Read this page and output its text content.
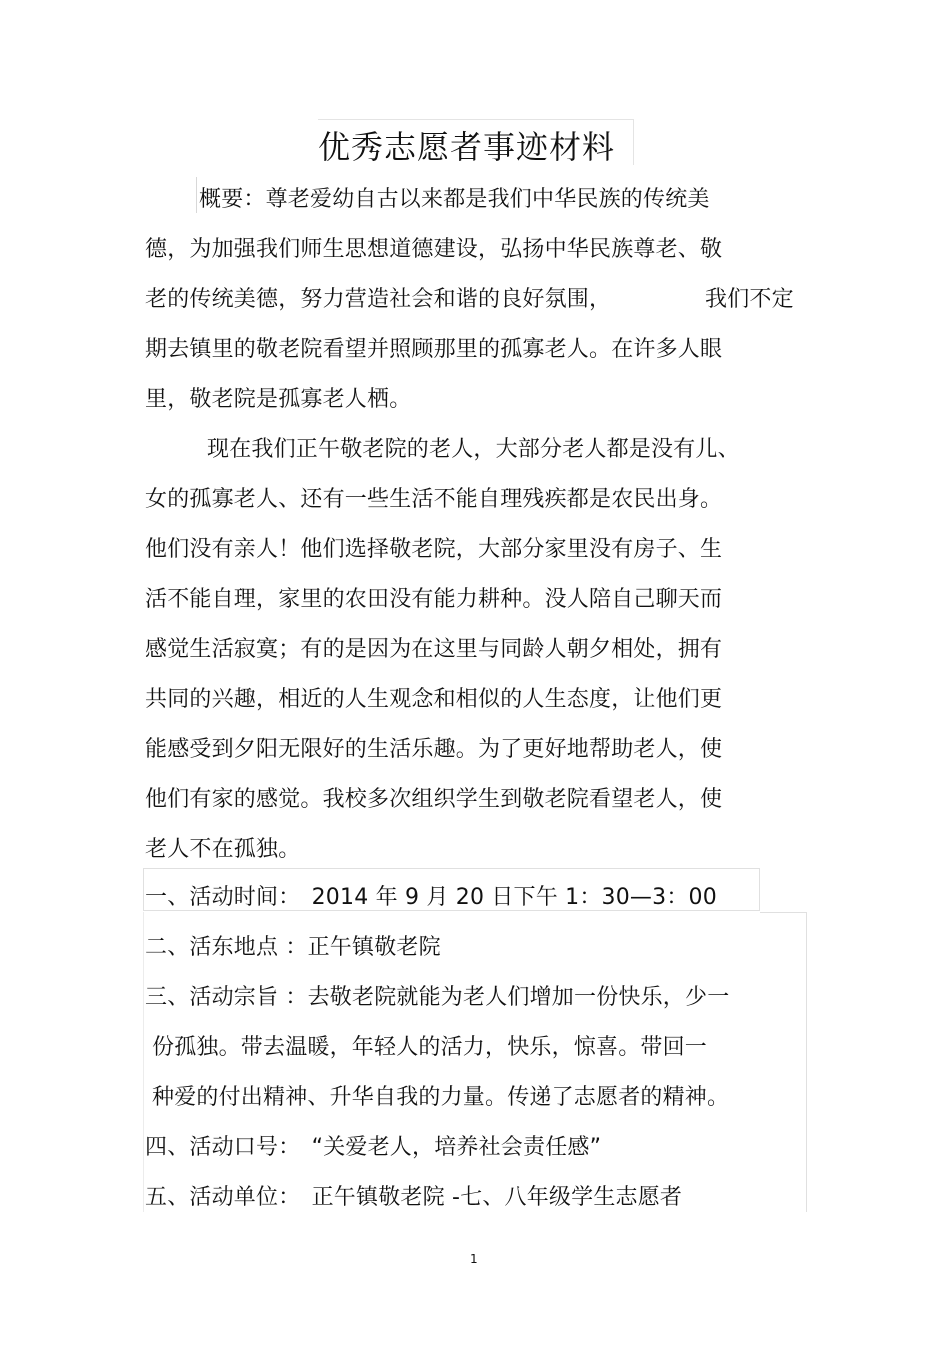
优秀志愿者事迹材料
概要：尊老爱幼自古以来都是我们中华民族的传统美
德，为加强我们师生思想道德建设，弘扬中华民族尊老、敬
老的传统美德，努力营造社会和谐的良好氛围，	我们不定
期去镇里的敬老院看望并照顾那里的孤寡老人。在许多人眼
里，敬老院是孤寡老人栖。
现在我们正午敬老院的老人，大部分老人都是没有儿、
女的孤寡老人、还有一些生活不能自理残疾都是农民出身。
他们没有亲人！他们选择敬老院，大部分家里没有房子、生
活不能自理，家里的农田没有能力耕种。没人陪自己聊天而
感觉生活寂寞；有的是因为在这里与同龄人朝夕相处，拥有
共同的兴趣，相近的人生观念和相似的人生态度，让他们更
能感受到夕阳无限好的生活乐趣。为了更好地帮助老人，使
他们有家的感觉。我校多次组织学生到敬老院看望老人，使
老人不在孤独。
一、活动时间：　2014 年 9 月 20 日下午 1：30—3：00
二、活东地点 ：正午镇敬老院
三、活动宗旨 ：去敬老院就能为老人们增加一份快乐，少一
份孤独。带去温暖，年轻人的活力，快乐，惊喜。带回一
种爱的付出精神、升华自我的力量。传递了志愿者的精神。
四、活动口号：　“关爱老人，培养社会责任感”
五、活动单位：　正午镇敬老院 -七、八年级学生志愿者
1
